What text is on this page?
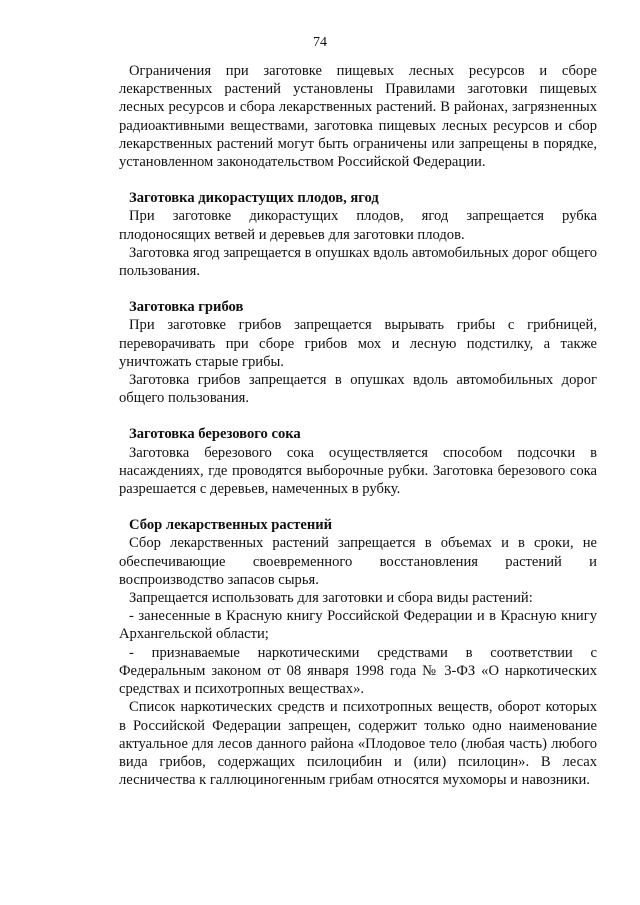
74

Ограничения при заготовке пищевых лесных ресурсов и сборе лекарственных растений установлены Правилами заготовки пищевых лесных ресурсов и сбора лекарственных растений. В районах, загрязненных радиоактивными веществами, заготовка пищевых лесных ресурсов и сбор лекарственных растений могут быть ограничены или запрещены в порядке, установленном законодательством Российской Федерации.

Заготовка дикорастущих плодов, ягод

При заготовке дикорастущих плодов, ягод запрещается рубка плодоносящих ветвей и деревьев для заготовки плодов.

Заготовка ягод запрещается в опушках вдоль автомобильных дорог общего пользования.

Заготовка грибов

При заготовке грибов запрещается вырывать грибы с грибницей, переворачивать при сборе грибов мох и лесную подстилку, а также уничтожать старые грибы.

Заготовка грибов запрещается в опушках вдоль автомобильных дорог общего пользования.

Заготовка березового сока

Заготовка березового сока осуществляется способом подсочки в насаждениях, где проводятся выборочные рубки. Заготовка березового сока разрешается с деревьев, намеченных в рубку.

Сбор лекарственных растений

Сбор лекарственных растений запрещается в объемах и в сроки, не обеспечивающие своевременного восстановления растений и воспроизводство запасов сырья.

Запрещается использовать для заготовки и сбора виды растений:

- занесенные в Красную книгу Российской Федерации и в Красную книгу Архангельской области;

- признаваемые наркотическими средствами в соответствии с Федеральным законом от 08 января 1998 года № 3-ФЗ «О наркотических средствах и психотропных веществах».

Список наркотических средств и психотропных веществ, оборот которых в Российской Федерации запрещен, содержит только одно наименование актуальное для лесов данного района «Плодовое тело (любая часть) любого вида грибов, содержащих псилоцибин и (или) псилоцин». В лесах лесничества к галлюциногенным грибам относятся мухоморы и навозники.
